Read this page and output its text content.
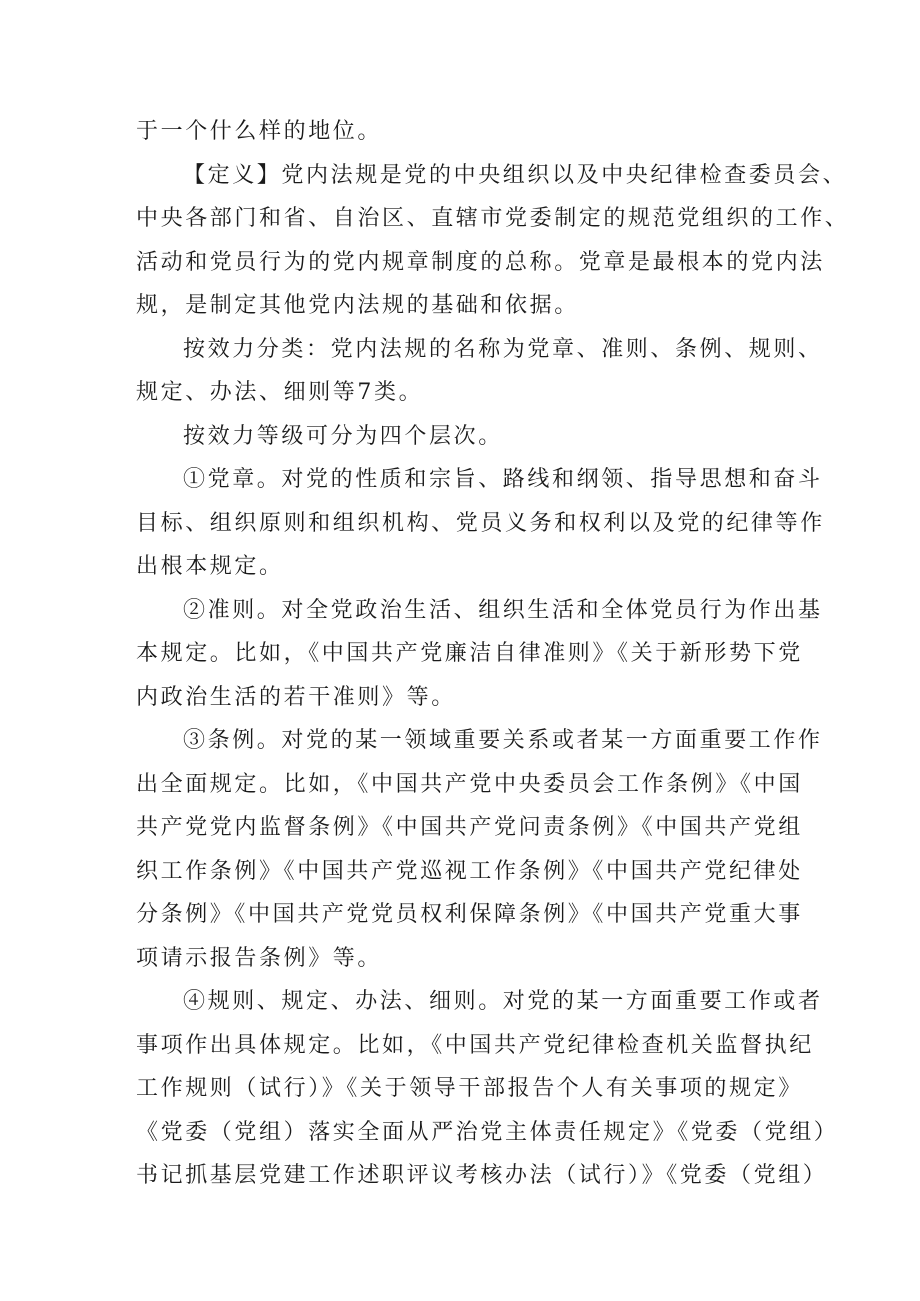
于一个什么样的地位。
【定义】党内法规是党的中央组织以及中央纪律检查委员会、
中央各部门和省、自治区、直辖市党委制定的规范党组织的工作、
活动和党员行为的党内规章制度的总称。党章是最根本的党内法
规，是制定其他党内法规的基础和依据。
按效力分类：党内法规的名称为党章、准则、条例、规则、
规定、办法、细则等7类。
按效力等级可分为四个层次。
①党章。对党的性质和宗旨、路线和纲领、指导思想和奋斗
目标、组织原则和组织机构、党员义务和权利以及党的纪律等作
出根本规定。
②准则。对全党政治生活、组织生活和全体党员行为作出基
本规定。比如，《中国共产党廉洁自律准则》《关于新形势下党
内政治生活的若干准则》等。
③条例。对党的某一领域重要关系或者某一方面重要工作作
出全面规定。比如，《中国共产党中央委员会工作条例》《中国
共产党党内监督条例》《中国共产党问责条例》《中国共产党组
织工作条例》《中国共产党巡视工作条例》《中国共产党纪律处
分条例》《中国共产党党员权利保障条例》《中国共产党重大事
项请示报告条例》等。
④规则、规定、办法、细则。对党的某一方面重要工作或者
事项作出具体规定。比如，《中国共产党纪律检查机关监督执纪
工作规则（试行）》《关于领导干部报告个人有关事项的规定》
《党委（党组）落实全面从严治党主体责任规定》《党委（党组）
书记抓基层党建工作述职评议考核办法（试行）》《党委（党组）
